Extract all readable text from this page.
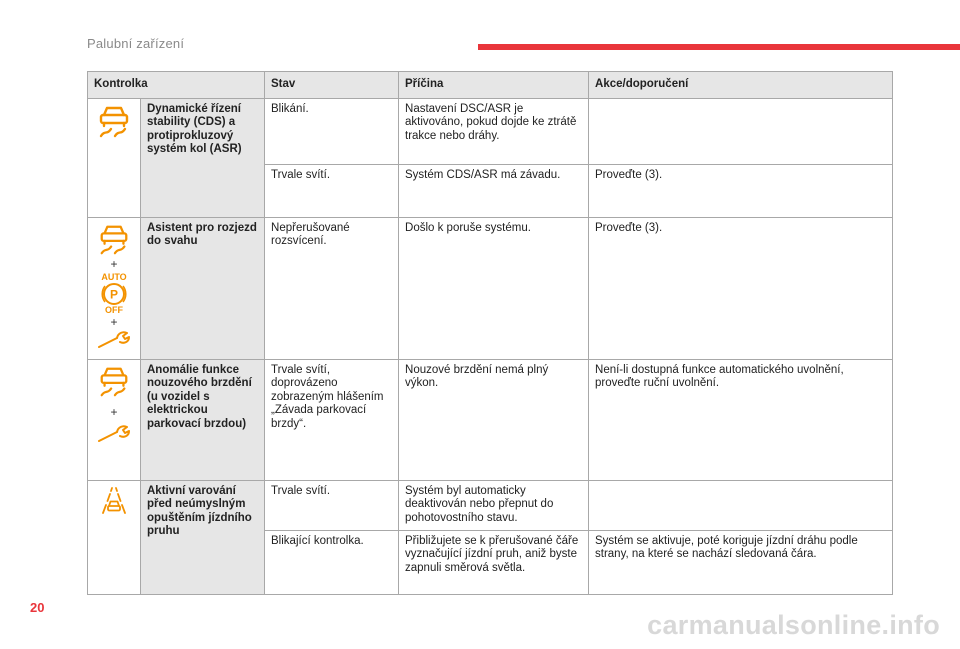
Palubní zařízení
Kontrolka		Stav	Příčina	Akce/doporučení

	Dynamické řízení stability (CDS) a protiprokluzový systém kol (ASR)	Blikání.	Nastavení DSC/ASR je aktivováno, pokud dojde ke ztrátě trakce nebo dráhy.	
		Trvale svítí.	Systém CDS/ASR má závadu.	Proveďte (3).

+
AUTO
P
OFF
+	Asistent pro rozjezd do svahu	Nepřerušované rozsvícení.	Došlo k poruše systému.	Proveďte (3).

+	Anomálie funkce nouzového brzdění (u vozidel s elektrickou parkovací brzdou)	Trvale svítí, doprovázeno zobrazeným hlášením „Závada parkovací brzdy“.	Nouzové brzdění nemá plný výkon.	Není-li dostupná funkce automatického uvolnění, proveďte ruční uvolnění.

	Aktivní varování před neúmyslným opuštěním jízdního pruhu	Trvale svítí.	Systém byl automaticky deaktivován nebo přepnut do pohotovostního stavu.	
		Blikající kontrolka.	Přibližujete se k přerušované čáře vyznačující jízdní pruh, aniž byste zapnuli směrová světla.	Systém se aktivuje, poté koriguje jízdní dráhu podle strany, na které se nachází sledovaná čára.
20
carmanualsonline.info
